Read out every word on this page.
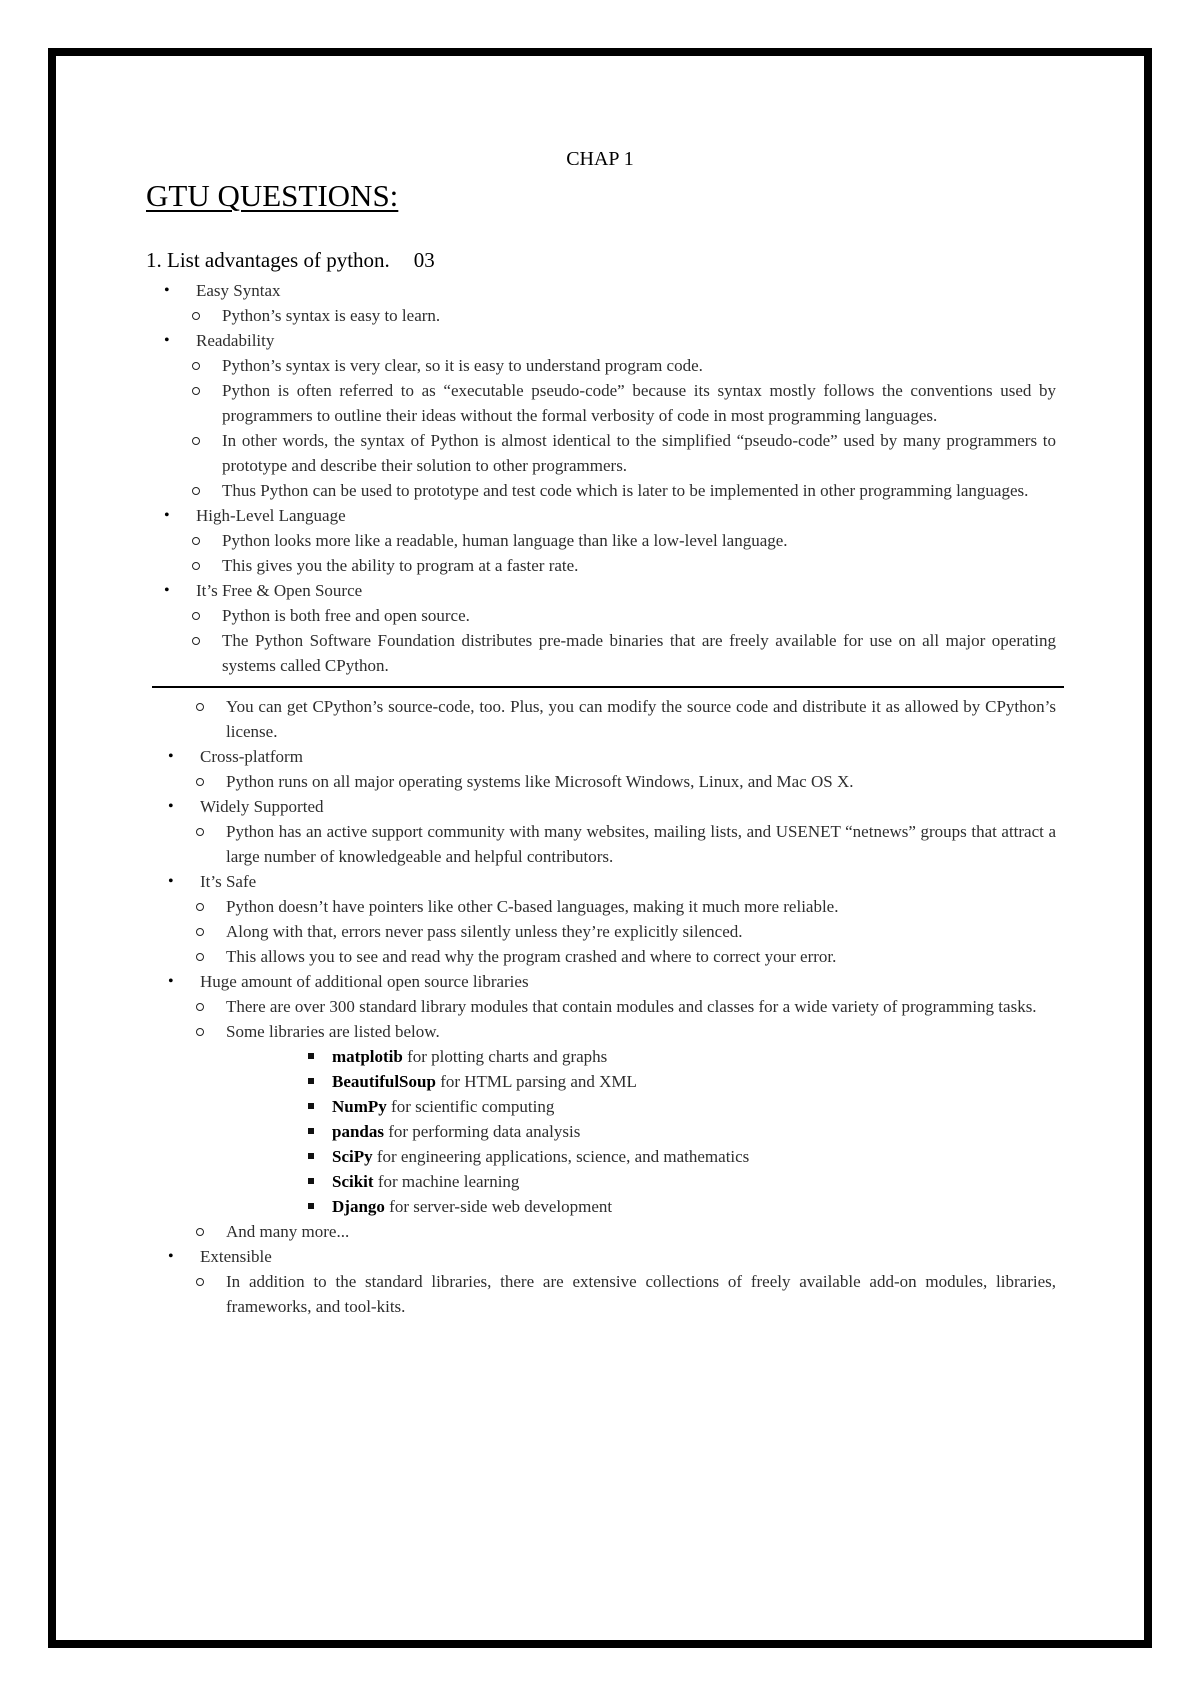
CHAP 1
GTU QUESTIONS:
1. List advantages of python. 03
• Easy Syntax
Python’s syntax is easy to learn.
• Readability
Python’s syntax is very clear, so it is easy to understand program code.
Python is often referred to as “executable pseudo-code” because its syntax mostly follows the conventions used by programmers to outline their ideas without the formal verbosity of code in most programming languages.
In other words, the syntax of Python is almost identical to the simplified “pseudo-code” used by many programmers to prototype and describe their solution to other programmers.
Thus Python can be used to prototype and test code which is later to be implemented in other programming languages.
• High-Level Language
Python looks more like a readable, human language than like a low-level language.
This gives you the ability to program at a faster rate.
• It’s Free & Open Source
Python is both free and open source.
The Python Software Foundation distributes pre-made binaries that are freely available for use on all major operating systems called CPython.
You can get CPython’s source-code, too. Plus, you can modify the source code and distribute it as allowed by CPython’s license.
• Cross-platform
Python runs on all major operating systems like Microsoft Windows, Linux, and Mac OS X.
• Widely Supported
Python has an active support community with many websites, mailing lists, and USENET “netnews” groups that attract a large number of knowledgeable and helpful contributors.
• It’s Safe
Python doesn’t have pointers like other C-based languages, making it much more reliable.
Along with that, errors never pass silently unless they’re explicitly silenced.
This allows you to see and read why the program crashed and where to correct your error.
• Huge amount of additional open source libraries
There are over 300 standard library modules that contain modules and classes for a wide variety of programming tasks.
Some libraries are listed below.
matplotib for plotting charts and graphs
BeautifulSoup for HTML parsing and XML
NumPy for scientific computing
pandas for performing data analysis
SciPy for engineering applications, science, and mathematics
Scikit for machine learning
Django for server-side web development
And many more...
• Extensible
In addition to the standard libraries, there are extensive collections of freely available add-on modules, libraries, frameworks, and tool-kits.
